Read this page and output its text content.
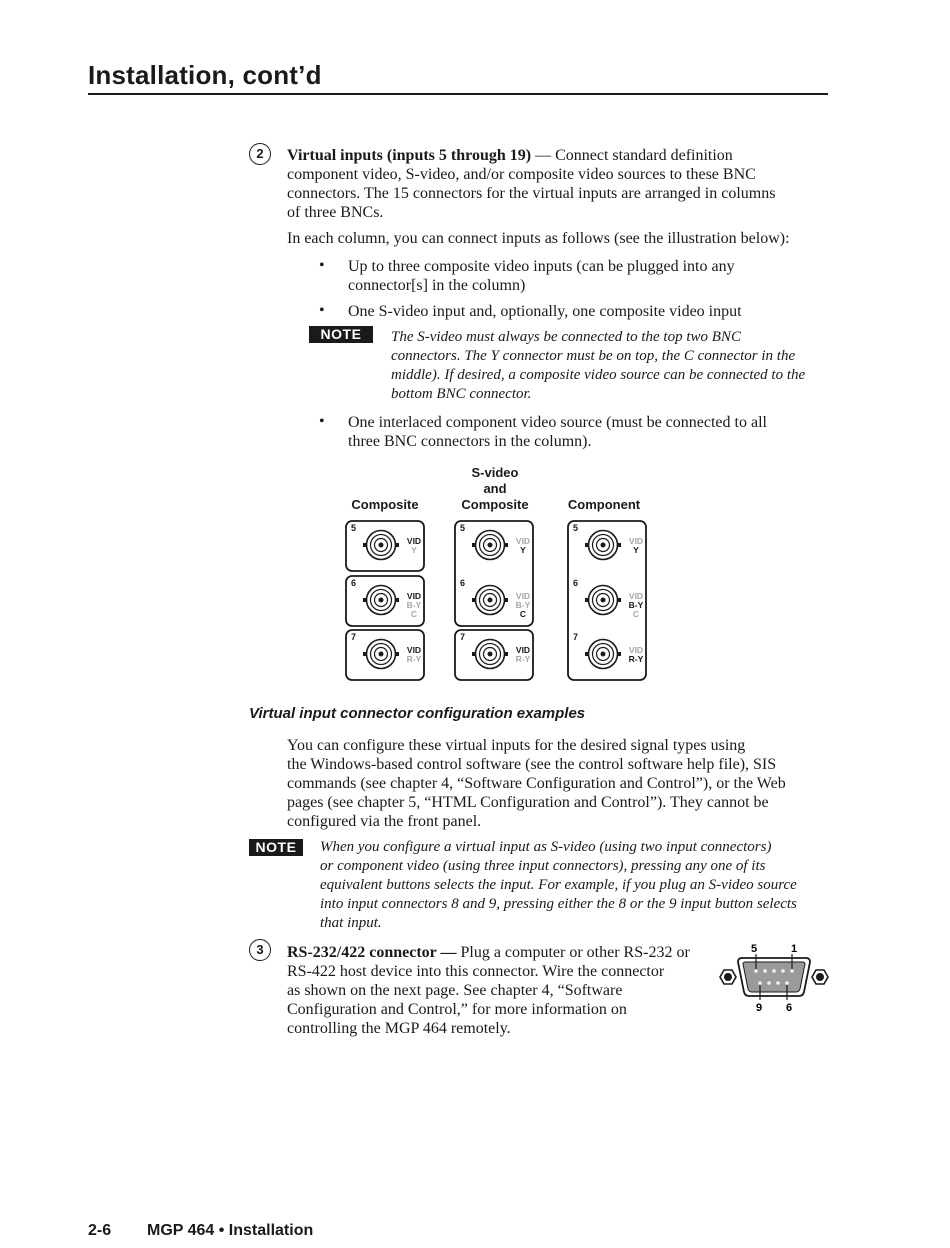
Installation, cont’d
2	Virtual inputs (inputs 5 through 19) — Connect standard definition
component video, S-video, and/or composite video sources to these BNC
connectors. The 15 connectors for the virtual inputs are arranged in columns
of three BNCs.
In each column, you can connect inputs as follows (see the illustration below):
• Up to three composite video inputs (can be plugged into any
connector[s] in the column)
• One S-video input and, optionally, one composite video input
NOTE	The S-video must always be connected to the top two BNC
connectors. The Y connector must be on top, the C connector in the
middle). If desired, a composite video source can be connected to the
bottom BNC connector.
• One interlaced component video source (must be connected to all
three BNC connectors in the column).
Composite
S-video
and
Composite	Component
5
VID
Y
6
VID
B-Y
C
7
VID
R-Y
5
VID
Y
6
VID
B-Y
C
7
VID
R-Y
5
VID
Y
6
VID
B-Y
C
7
VID
R-Y
Virtual input connector configuration examples
You can configure these virtual inputs for the desired signal types using
the Windows-based control software (see the control software help file), SIS
commands (see chapter 4, “Software Configuration and Control”), or the Web
pages (see chapter 5, “HTML Configuration and Control”). They cannot be
configured via the front panel.
NOTE	When you configure a virtual input as S-video (using two input connectors)
or component video (using three input connectors), pressing any one of its
equivalent buttons selects the input. For example, if you plug an S-video source
into input connectors 8 and 9, pressing either the 8 or the 9 input button selects
that input.
3	RS-232/422 connector — Plug a computer or other RS-232 or
RS-422 host device into this connector. Wire the connector
as shown on the next page. See chapter 4, “Software
Configuration and Control,” for more information on
controlling the MGP 464 remotely.
5	1
9 6
2-6 MGP 464 • Installation
